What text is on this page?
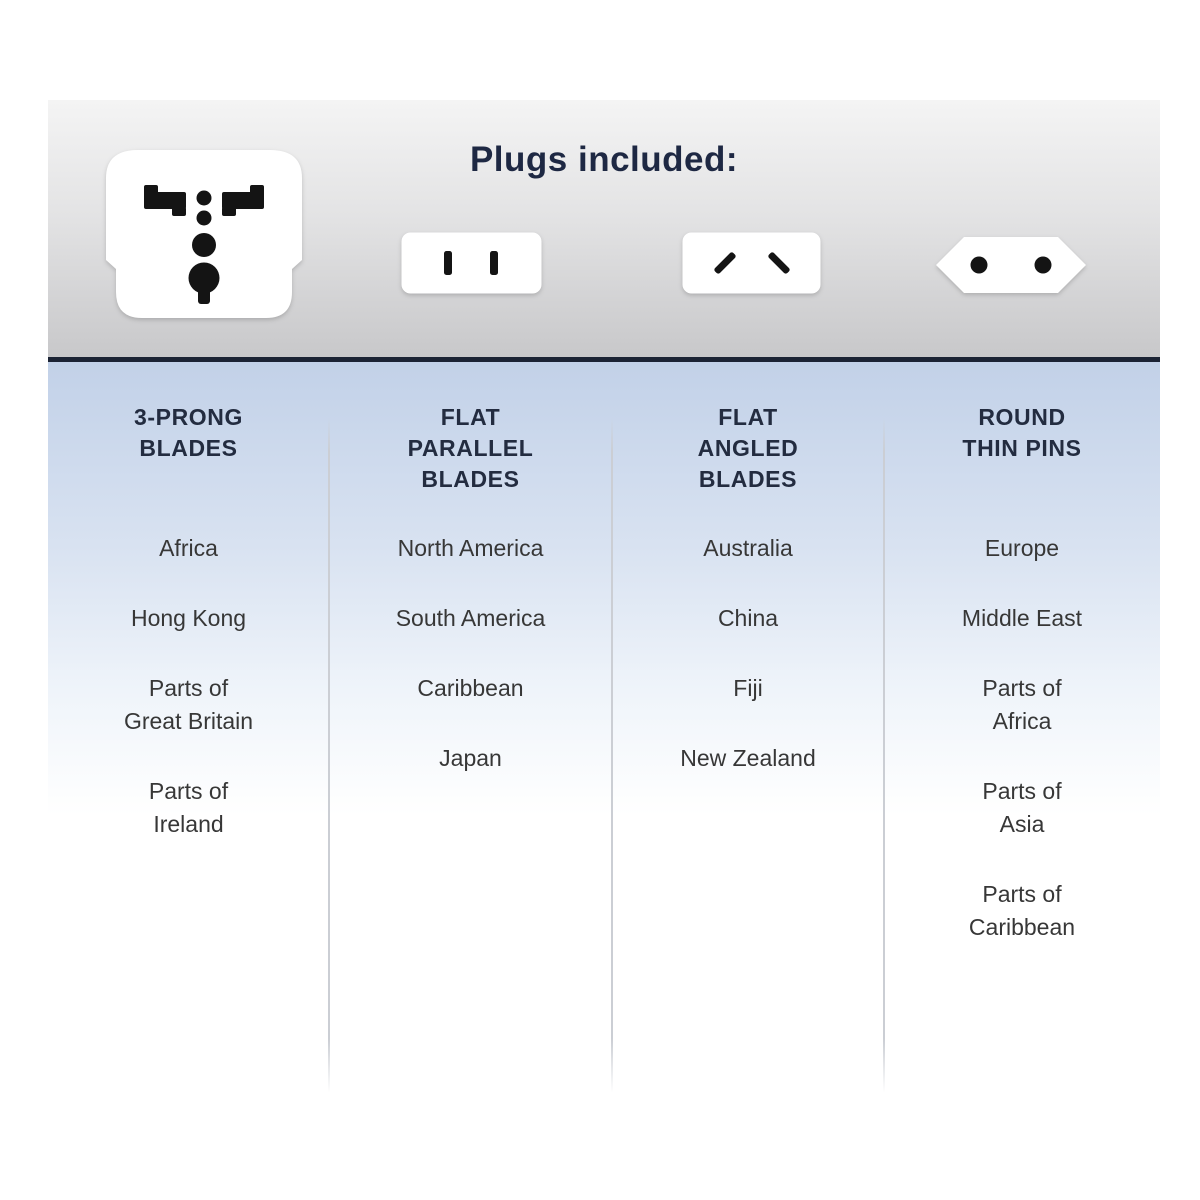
Plugs included:
3-PRONG
BLADES
Africa
Hong Kong
Parts of
Great Britain
Parts of
Ireland
FLAT
PARALLEL
BLADES
North America
South America
Caribbean
Japan
FLAT
ANGLED
BLADES
Australia
China
Fiji
New Zealand
ROUND
THIN PINS
Europe
Middle East
Parts of
Africa
Parts of
Asia
Parts of
Caribbean
